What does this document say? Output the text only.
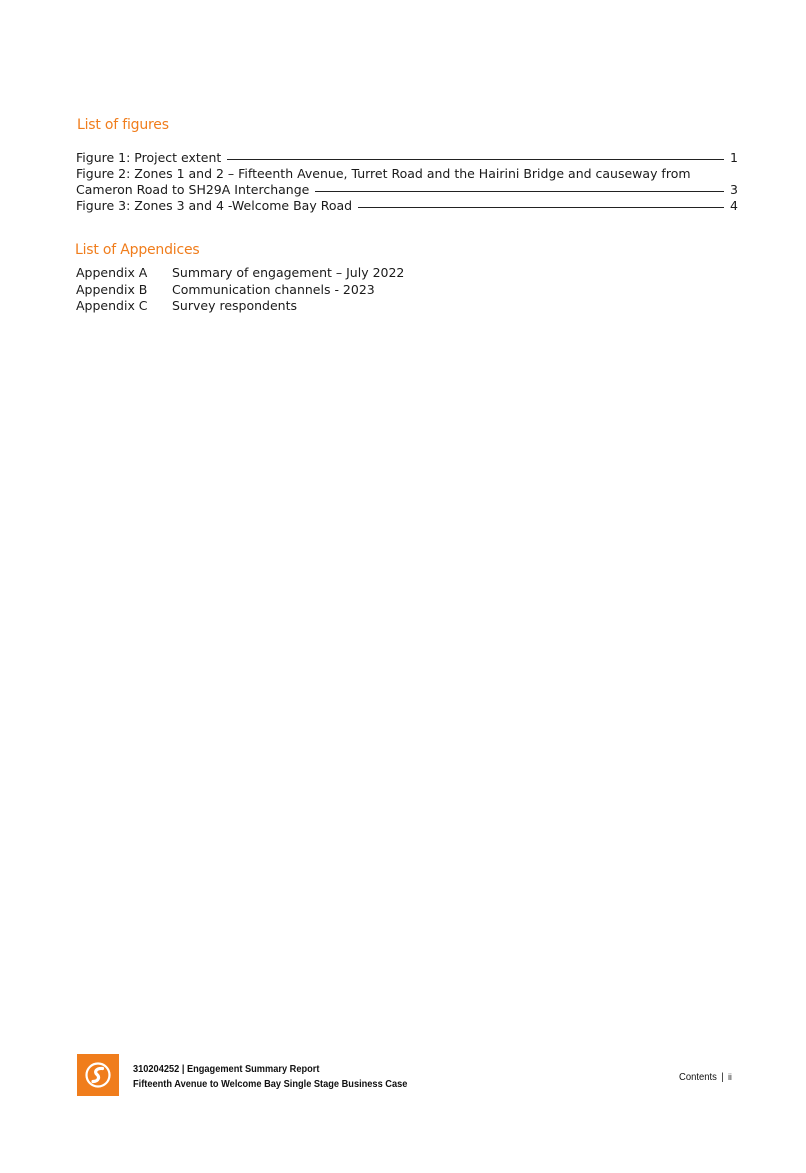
List of figures
Figure 1: Project extent	1
Figure 2: Zones 1 and 2 – Fifteenth Avenue, Turret Road and the Hairini Bridge and causeway from
Cameron Road to SH29A Interchange	3
Figure 3: Zones 3 and 4 -Welcome Bay Road	4
List of Appendices
Appendix A	Summary of engagement – July 2022
Appendix B	Communication channels - 2023
Appendix C	Survey respondents
310204252 | Engagement Summary Report
Fifteenth Avenue to Welcome Bay Single Stage Business Case
Contents | ii
